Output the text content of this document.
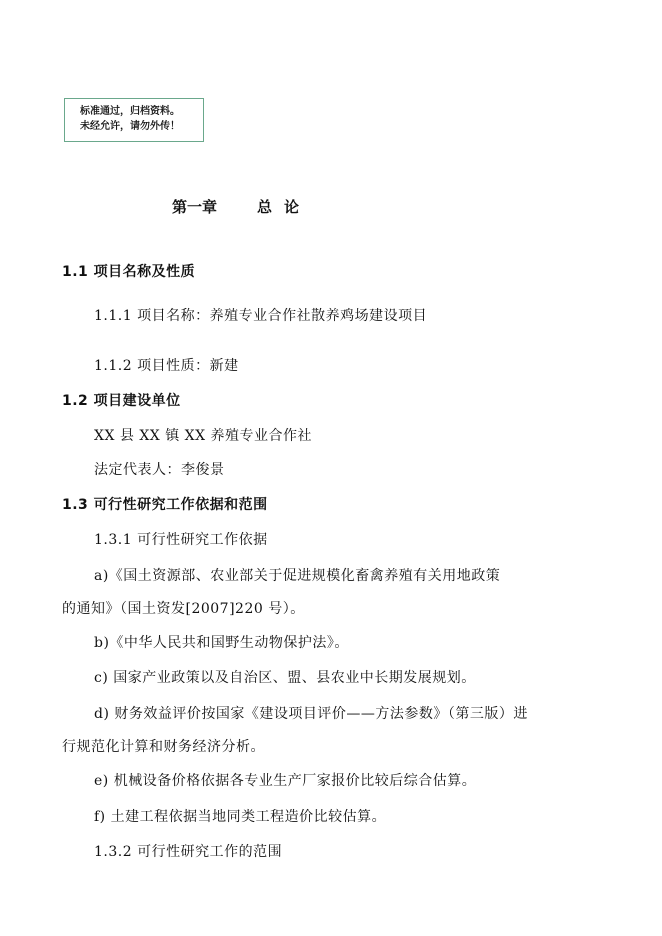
标准通过，归档资料。
未经允许，请勿外传！
第一章	总论
1.1 项目名称及性质
1.1.1 项目名称：养殖专业合作社散养鸡场建设项目
1.1.2 项目性质：新建
1.2 项目建设单位
XX 县 XX 镇 XX 养殖专业合作社
法定代表人：李俊景
1.3 可行性研究工作依据和范围
1.3.1 可行性研究工作依据
a)《国土资源部、农业部关于促进规模化畜禽养殖有关用地政策
的通知》（国土资发[2007]220 号）。
b)《中华人民共和国野生动物保护法》。
c) 国家产业政策以及自治区、盟、县农业中长期发展规划。
d) 财务效益评价按国家《建设项目评价——方法参数》（第三版）进
行规范化计算和财务经济分析。
e) 机械设备价格依据各专业生产厂家报价比较后综合估算。
f) 土建工程依据当地同类工程造价比较估算。
1.3.2 可行性研究工作的范围
